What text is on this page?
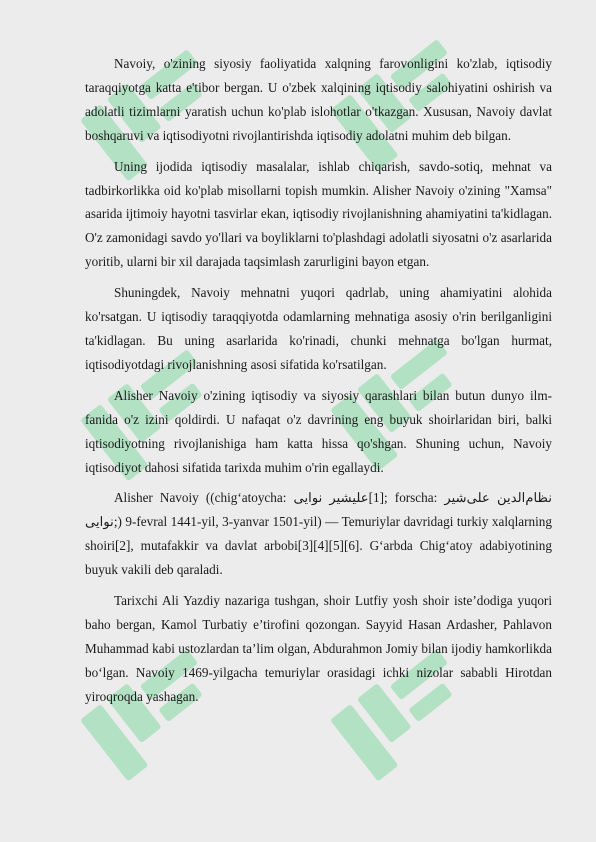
Navoiy, o'zining siyosiy faoliyatida xalqning farovonligini ko'zlab, iqtisodiy taraqqiyotga katta e'tibor bergan. U o'zbek xalqining iqtisodiy salohiyatini oshirish va adolatli tizimlarni yaratish uchun ko'plab islohotlar o'tkazgan. Xususan, Navoiy davlat boshqaruvi va iqtisodiyotni rivojlantirishda iqtisodiy adolatni muhim deb bilgan.

Uning ijodida iqtisodiy masalalar, ishlab chiqarish, savdo-sotiq, mehnat va tadbirkorlikka oid ko'plab misollarni topish mumkin. Alisher Navoiy o'zining "Xamsa" asarida ijtimoiy hayotni tasvirlar ekan, iqtisodiy rivojlanishning ahamiyatini ta'kidlagan. O'z zamonidagi savdo yo'llari va boyliklarni to'plashdagi adolatli siyosatni o'z asarlarida yoritib, ularni bir xil darajada taqsimlash zarurligini bayon etgan.

Shuningdek, Navoiy mehnatni yuqori qadrlab, uning ahamiyatini alohida ko'rsatgan. U iqtisodiy taraqqiyotda odamlarning mehnatiga asosiy o'rin berilganligini ta'kidlagan. Bu uning asarlarida ko'rinadi, chunki mehnatga bo'lgan hurmat, iqtisodiyotdagi rivojlanishning asosi sifatida ko'rsatilgan.

Alisher Navoiy o'zining iqtisodiy va siyosiy qarashlari bilan butun dunyo ilm-fanida o'z izini qoldirdi. U nafaqat o'z davrining eng buyuk shoirlaridan biri, balki iqtisodiyotning rivojlanishiga ham katta hissa qo'shgan. Shuning uchun, Navoiy iqtisodiyot dahosi sifatida tarixda muhim o'rin egallaydi.

Alisher Navoiy ((chig‘atoycha: علیشیر نوایی‎[1]; forscha: نظام‌الدین علی‌شیر نوایی‎;) 9-fevral 1441-yil, 3-yanvar 1501-yil) — Temuriylar davridagi turkiy xalqlarning shoiri[2], mutafakkir va davlat arbobi[3][4][5][6]. G‘arbda Chig‘atoy adabiyotining buyuk vakili deb qaraladi.

Tarixchi Ali Yazdiy nazariga tushgan, shoir Lutfiy yosh shoir iste’dodiga yuqori baho bergan, Kamol Turbatiy e’tirofini qozongan. Sayyid Hasan Ardasher, Pahlavon Muhammad kabi ustozlardan ta’lim olgan, Abdurahmon Jomiy bilan ijodiy hamkorlikda bo‘lgan. Navoiy 1469-yilgacha temuriylar orasidagi ichki nizolar sababli Hirotdan yiroqroqda yashagan.
